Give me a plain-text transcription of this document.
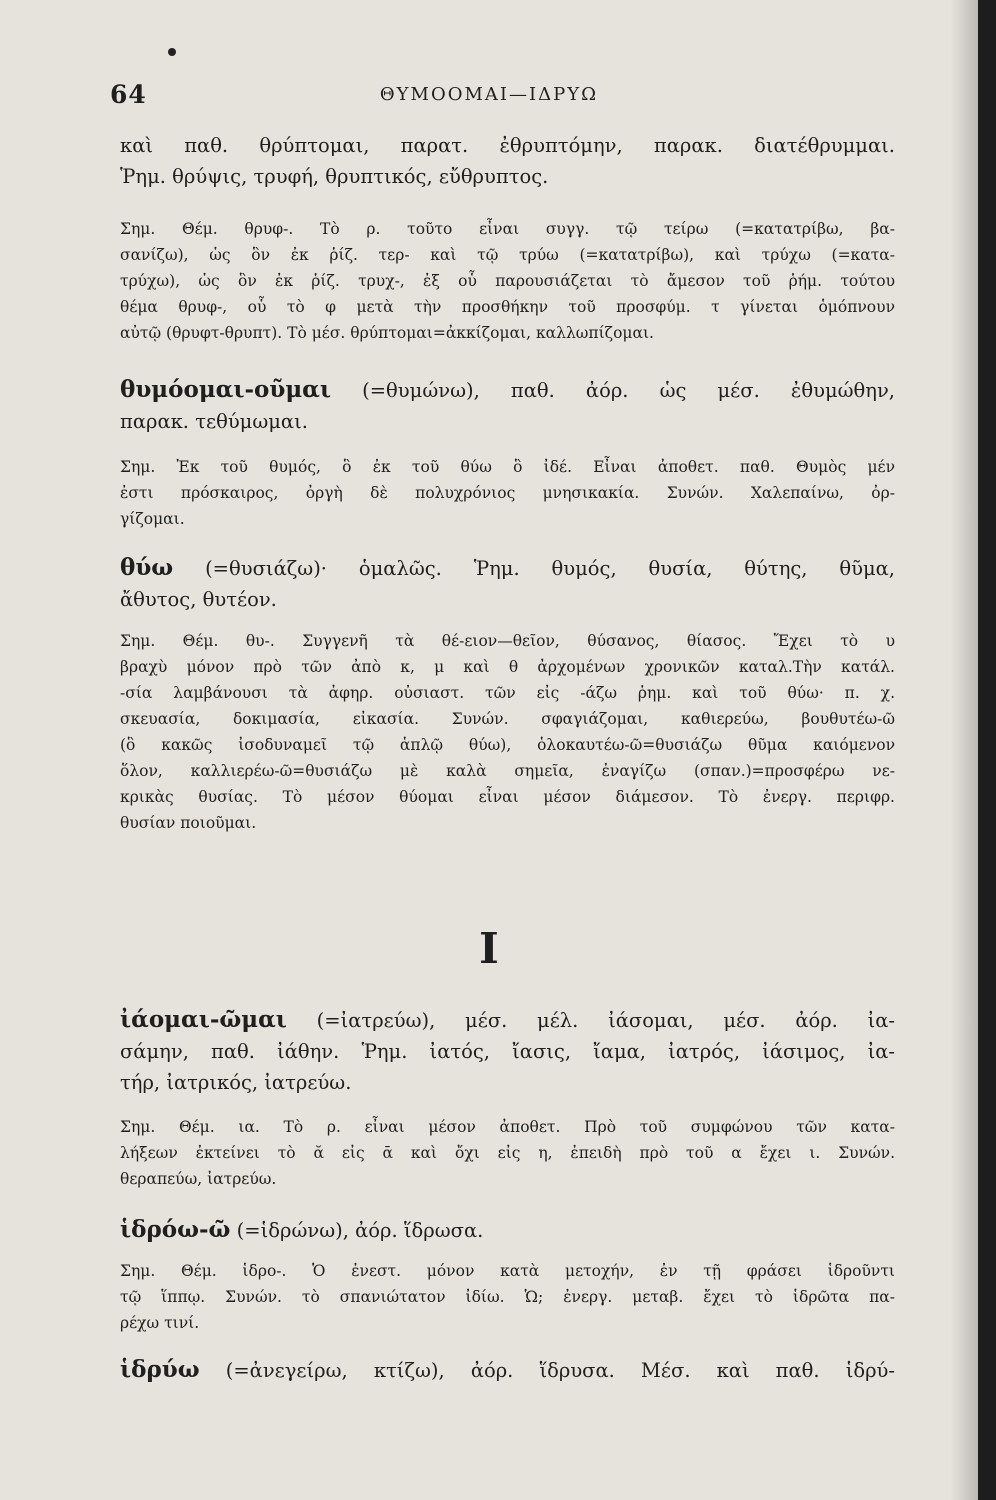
64	ΘΥΜΟΟΜΑΙ—ΙΔΡΥΩ
καὶ παθ. θρύπτομαι, παρατ. ἐθρυπτόμην, παρακ. διατέθρυμμαι.
Ῥημ. θρύψις, τρυφή, θρυπτικός, εὔθρυπτος.
Σημ. Θέμ. θρυφ-. Τὸ ρ. τοῦτο εἶναι συγγ. τῷ τείρω (=κατατρίβω, βα-
σανίζω), ὡς ὃν ἐκ ῥίζ. τερ- καὶ τῷ τρύω (=κατατρίβω), καὶ τρύχω (=κατα-
τρύχω), ὡς ὃν ἐκ ῥίζ. τρυχ-, ἐξ οὗ παρουσιάζεται τὸ ἄμεσον τοῦ ῥήμ. τούτου
θέμα θρυφ-, οὗ τὸ φ μετὰ τὴν προσθήκην τοῦ προσφύμ. τ γίνεται ὁμόπνουν
αὐτῷ (θρυφτ-θρυπτ). Τὸ μέσ. θρύπτομαι=ἀκκίζομαι, καλλωπίζομαι.
θυμόομαι-οῦμαι (=θυμώνω), παθ. ἀόρ. ὡς μέσ. ἐθυμώθην,
παρακ. τεθύμωμαι.
Σημ. Ἐκ τοῦ θυμός, ὃ ἐκ τοῦ θύω ὃ ἰδέ. Εἶναι ἀποθετ. παθ. Θυμὸς μέν
ἐστι πρόσκαιρος, ὀργὴ δὲ πολυχρόνιος μνησικακία. Συνών. Χαλεπαίνω, ὀρ-
γίζομαι.
θύω (=θυσιάζω)· ὁμαλῶς. Ῥημ. θυμός, θυσία, θύτης, θῦμα,
ἄθυτος, θυτέον.
Σημ. Θέμ. θυ-. Συγγενῆ τὰ θέ-ειον—θεῖον, θύσανος, θίασος. Ἔχει τὸ υ
βραχὺ μόνον πρὸ τῶν ἀπὸ κ, μ καὶ θ ἀρχομένων χρονικῶν καταλ.Τὴν κατάλ.
-σία λαμβάνουσι τὰ ἀφηρ. οὐσιαστ. τῶν εἰς -άζω ῥημ. καὶ τοῦ θύω· π. χ.
σκευασία, δοκιμασία, εἰκασία. Συνών. σφαγιάζομαι, καθιερεύω, βουθυτέω-ῶ
(ὃ κακῶς ἰσοδυναμεῖ τῷ ἁπλῷ θύω), ὁλοκαυτέω-ῶ=θυσιάζω θῦμα καιόμενον
ὅλον, καλλιερέω-ῶ=θυσιάζω μὲ καλὰ σημεῖα, ἐναγίζω (σπαν.)=προσφέρω νε-
κρικὰς θυσίας. Τὸ μέσον θύομαι εἶναι μέσον διάμεσον. Τὸ ἐνεργ. περιφρ.
θυσίαν ποιοῦμαι.
Ι
ἰάομαι-ῶμαι (=ἰατρεύω), μέσ. μέλ. ἰάσομαι, μέσ. ἀόρ. ἰα-
σάμην, παθ. ἰάθην. Ῥημ. ἰατός, ἴασις, ἴαμα, ἰατρός, ἰάσιμος, ἰα-
τήρ, ἰατρικός, ἰατρεύω.
Σημ. Θέμ. ια. Τὸ ρ. εἶναι μέσον ἀποθετ. Πρὸ τοῦ συμφώνου τῶν κατα-
λήξεων ἐκτείνει τὸ ᾰ εἰς ᾱ καὶ ὄχι εἰς η, ἐπειδὴ πρὸ τοῦ α ἔχει ι. Συνών.
θεραπεύω, ἰατρεύω.
ἱδρόω-ῶ (=ἱδρώνω), ἀόρ. ἵδρωσα.
Σημ. Θέμ. ἱδρο-. Ὁ ἐνεστ. μόνον κατὰ μετοχήν, ἐν τῇ φράσει ἱδροῦντι
τῷ ἵππῳ. Συνών. τὸ σπανιώτατον ἰδίω. Ὡ; ἐνεργ. μεταβ. ἔχει τὸ ἱδρῶτα πα-
ρέχω τινί.
ἱδρύω (=ἀνεγείρω, κτίζω), ἀόρ. ἵδρυσα. Μέσ. καὶ παθ. ἱδρύ-
